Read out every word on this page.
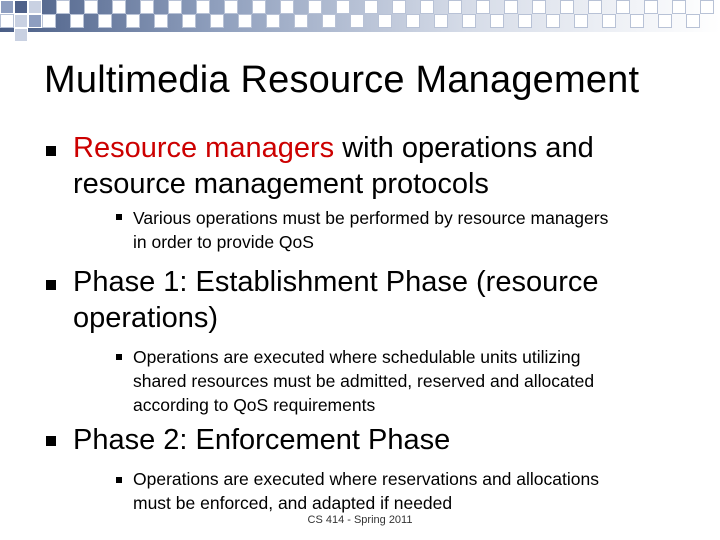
Multimedia Resource Management
Resource managers with operations and
resource management protocols
Various operations must be performed by resource managers
in order to provide QoS
Phase 1: Establishment Phase (resource
operations)
Operations are executed where schedulable units utilizing
shared resources must be admitted, reserved and allocated
according to QoS requirements
Phase 2: Enforcement Phase
Operations are executed where reservations and allocations
must be enforced, and adapted if needed
CS 414 - Spring 2011
